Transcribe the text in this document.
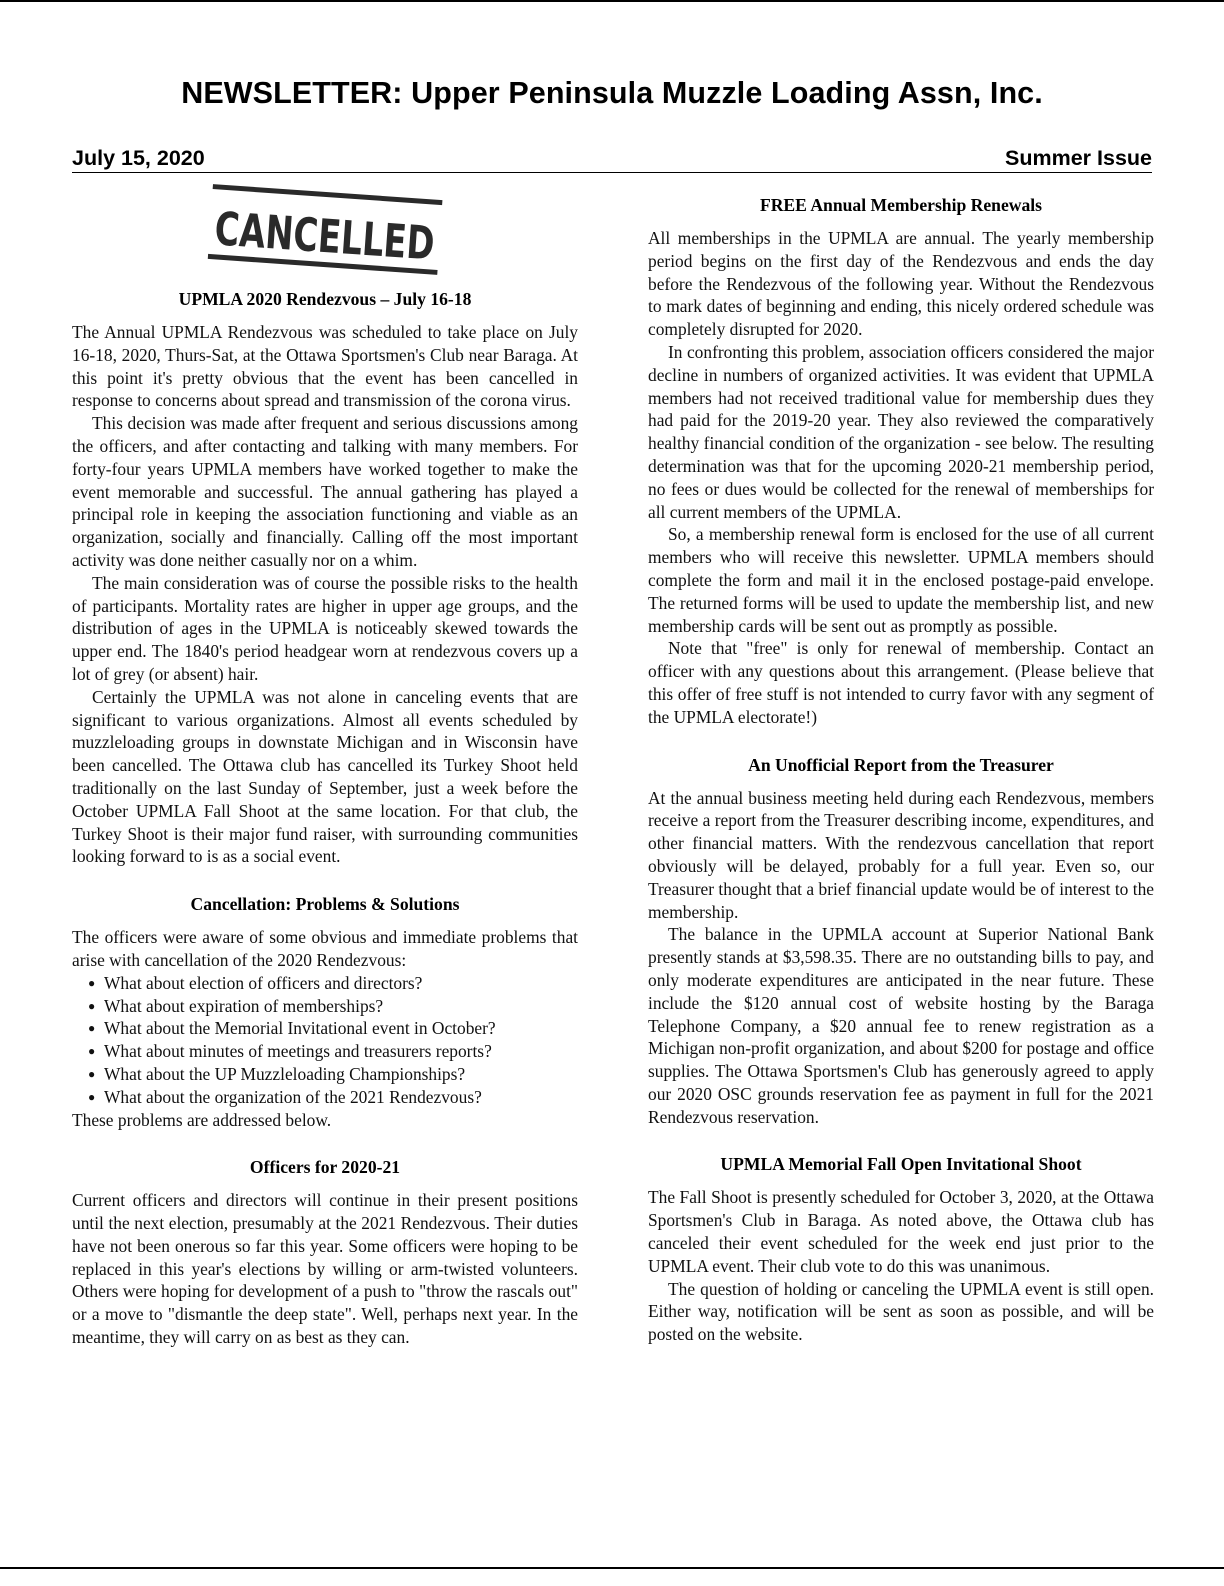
NEWSLETTER: Upper Peninsula Muzzle Loading Assn, Inc.
July 15, 2020	Summer Issue
CANCELLED
UPMLA 2020 Rendezvous – July 16-18

The Annual UPMLA Rendezvous was scheduled to take place on July 16-18, 2020, Thurs-Sat, at the Ottawa Sportsmen's Club near Baraga. At this point it's pretty obvious that the event has been cancelled in response to concerns about spread and transmission of the corona virus.

This decision was made after frequent and serious discussions among the officers, and after contacting and talking with many members. For forty-four years UPMLA members have worked together to make the event memorable and successful. The annual gathering has played a principal role in keeping the association functioning and viable as an organization, socially and financially. Calling off the most important activity was done neither casually nor on a whim.

The main consideration was of course the possible risks to the health of participants. Mortality rates are higher in upper age groups, and the distribution of ages in the UPMLA is noticeably skewed towards the upper end. The 1840's period headgear worn at rendezvous covers up a lot of grey (or absent) hair.

Certainly the UPMLA was not alone in canceling events that are significant to various organizations. Almost all events scheduled by muzzleloading groups in downstate Michigan and in Wisconsin have been cancelled. The Ottawa club has cancelled its Turkey Shoot held traditionally on the last Sunday of September, just a week before the October UPMLA Fall Shoot at the same location. For that club, the Turkey Shoot is their major fund raiser, with surrounding communities looking forward to is as a social event.

Cancellation: Problems & Solutions

The officers were aware of some obvious and immediate problems that arise with cancellation of the 2020 Rendezvous:

● What about election of officers and directors?
● What about expiration of memberships?
● What about the Memorial Invitational event in October?
● What about minutes of meetings and treasurers reports?
● What about the UP Muzzleloading Championships?
● What about the organization of the 2021 Rendezvous?

These problems are addressed below.

Officers for 2020-21

Current officers and directors will continue in their present positions until the next election, presumably at the 2021 Rendezvous. Their duties have not been onerous so far this year. Some officers were hoping to be replaced in this year's elections by willing or arm-twisted volunteers. Others were hoping for development of a push to "throw the rascals out" or a move to "dismantle the deep state". Well, perhaps next year. In the meantime, they will carry on as best as they can.

FREE Annual Membership Renewals

All memberships in the UPMLA are annual. The yearly membership period begins on the first day of the Rendezvous and ends the day before the Rendezvous of the following year. Without the Rendezvous to mark dates of beginning and ending, this nicely ordered schedule was completely disrupted for 2020.

In confronting this problem, association officers considered the major decline in numbers of organized activities. It was evident that UPMLA members had not received traditional value for membership dues they had paid for the 2019-20 year. They also reviewed the comparatively healthy financial condition of the organization - see below. The resulting determination was that for the upcoming 2020-21 membership period, no fees or dues would be collected for the renewal of memberships for all current members of the UPMLA.

So, a membership renewal form is enclosed for the use of all current members who will receive this newsletter. UPMLA members should complete the form and mail it in the enclosed postage-paid envelope. The returned forms will be used to update the membership list, and new membership cards will be sent out as promptly as possible.

Note that "free" is only for renewal of membership. Contact an officer with any questions about this arrangement. (Please believe that this offer of free stuff is not intended to curry favor with any segment of the UPMLA electorate!)

An Unofficial Report from the Treasurer

At the annual business meeting held during each Rendezvous, members receive a report from the Treasurer describing income, expenditures, and other financial matters. With the rendezvous cancellation that report obviously will be delayed, probably for a full year. Even so, our Treasurer thought that a brief financial update would be of interest to the membership.

The balance in the UPMLA account at Superior National Bank presently stands at $3,598.35. There are no outstanding bills to pay, and only moderate expenditures are anticipated in the near future. These include the $120 annual cost of website hosting by the Baraga Telephone Company, a $20 annual fee to renew registration as a Michigan non-profit organization, and about $200 for postage and office supplies. The Ottawa Sportsmen's Club has generously agreed to apply our 2020 OSC grounds reservation fee as payment in full for the 2021 Rendezvous reservation.

UPMLA Memorial Fall Open Invitational Shoot

The Fall Shoot is presently scheduled for October 3, 2020, at the Ottawa Sportsmen's Club in Baraga. As noted above, the Ottawa club has canceled their event scheduled for the week end just prior to the UPMLA event. Their club vote to do this was unanimous.

The question of holding or canceling the UPMLA event is still open. Either way, notification will be sent as soon as possible, and will be posted on the website.
